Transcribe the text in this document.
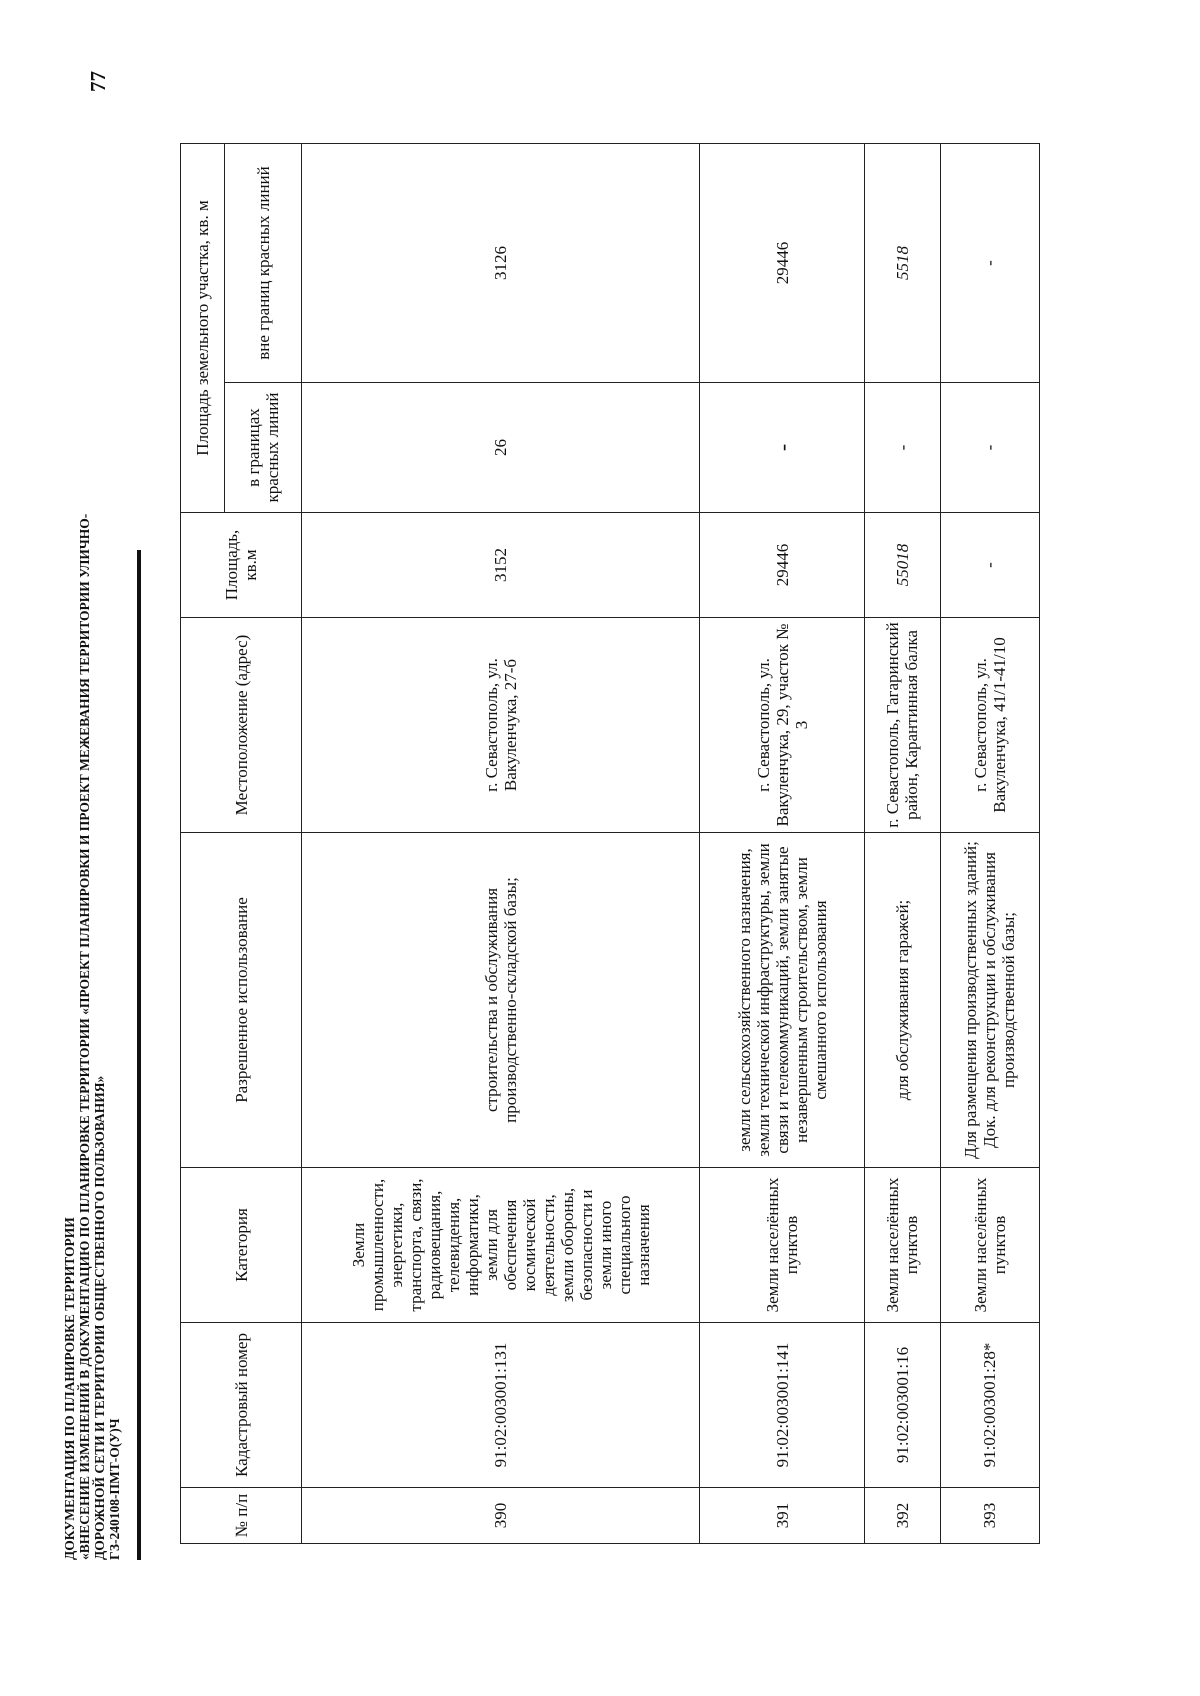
77
ДОКУМЕНТАЦИЯ ПО ПЛАНИРОВКЕ ТЕРРИТОРИИ «ВНЕСЕНИЕ ИЗМЕНЕНИЙ В ДОКУМЕНТАЦИЮ ПО ПЛАНИРОВКЕ ТЕРРИТОРИИ «ПРОЕКТ ПЛАНИРОВКИ И ПРОЕКТ МЕЖЕВАНИЯ ТЕРРИТОРИИ УЛИЧНО- ДОРОЖНОЙ СЕТИ И ТЕРРИТОРИИ ОБЩЕСТВЕННОГО ПОЛЬЗОВАНИЯ» ГЗ-240108-ПМТ-О(У)Ч	№ п/п	Кадастровый номер	Категория	Разрешенное использование	Местоположение (адрес)	Площадь, кв.м	Площадь земельного участка, кв. м	
						в границах красных линий	вне границ красных линий
390	91:02:003001:131	Земли промышленности, энергетики, транспорта, связи, радиовещания, телевидения, информатики, земли для обеспечения космической деятельности, земли обороны, безопасности и земли иного специального назначения	строительства и обслуживания производственно-складской базы;	г. Севастополь, ул. Вакуленчука, 27-б	3152	26	3126
391	91:02:003001:141	Земли населённых пунктов	земли сельскохозяйственного назначения, земли технической инфраструктуры, земли связи и телекоммуникаций, земли занятые незавершенным строительством, земли смешанного использования	г. Севастополь, ул. Вакуленчука, 29, участок № 3	29446	-	29446
392	91:02:003001:16	Земли населённых пунктов	для обслуживания гаражей;	г. Севастополь, Гагаринский район, Карантинная балка	55018	-	5518
393	91:02:003001:28*	Земли населённых пунктов	Для размещения производственных зданий; Док. для реконструкции и обслуживания производственной базы;	г. Севастополь, ул. Вакуленчука, 41/1-41/10	-	-	-
